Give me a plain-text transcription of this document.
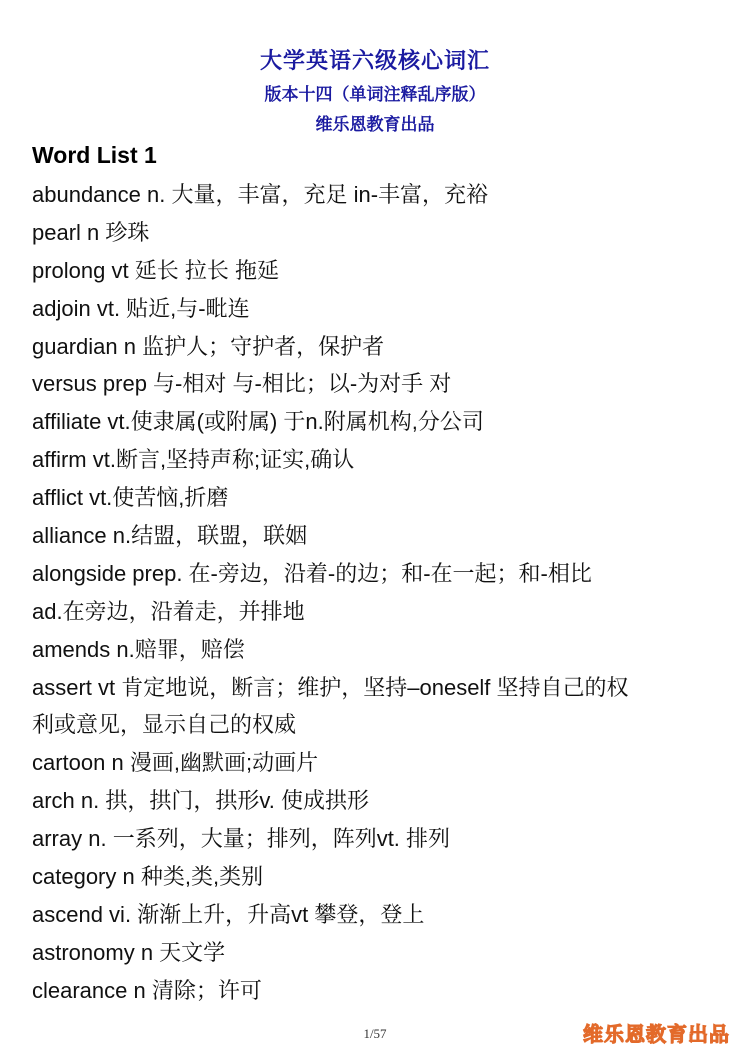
大学英语六级核心词汇
版本十四（单词注释乱序版）
维乐恩教育出品
Word List 1
abundance n. 大量，丰富，充足 in-丰富，充裕
pearl n 珍珠
prolong vt 延长 拉长 拖延
adjoin vt. 贴近,与-毗连
guardian n 监护人；守护者，保护者
versus prep 与-相对 与-相比；以-为对手 对
affiliate vt.使隶属(或附属) 于n.附属机构,分公司
affirm vt.断言,坚持声称;证实,确认
afflict vt.使苦恼,折磨
alliance n.结盟，联盟，联姻
alongside prep. 在-旁边，沿着-的边；和-在一起；和-相比
ad.在旁边，沿着走，并排地
amends n.赔罪，赔偿
assert vt 肯定地说，断言；维护，坚持–oneself 坚持自己的权
利或意见，显示自己的权威
cartoon n 漫画,幽默画;动画片
arch n. 拱，拱门，拱形v. 使成拱形
array n. 一系列，大量；排列，阵列vt. 排列
category n 种类,类,类别
ascend vi. 渐渐上升，升高vt 攀登，登上
astronomy n 天文学
clearance n 清除；许可
1/57	维乐恩教育出品
